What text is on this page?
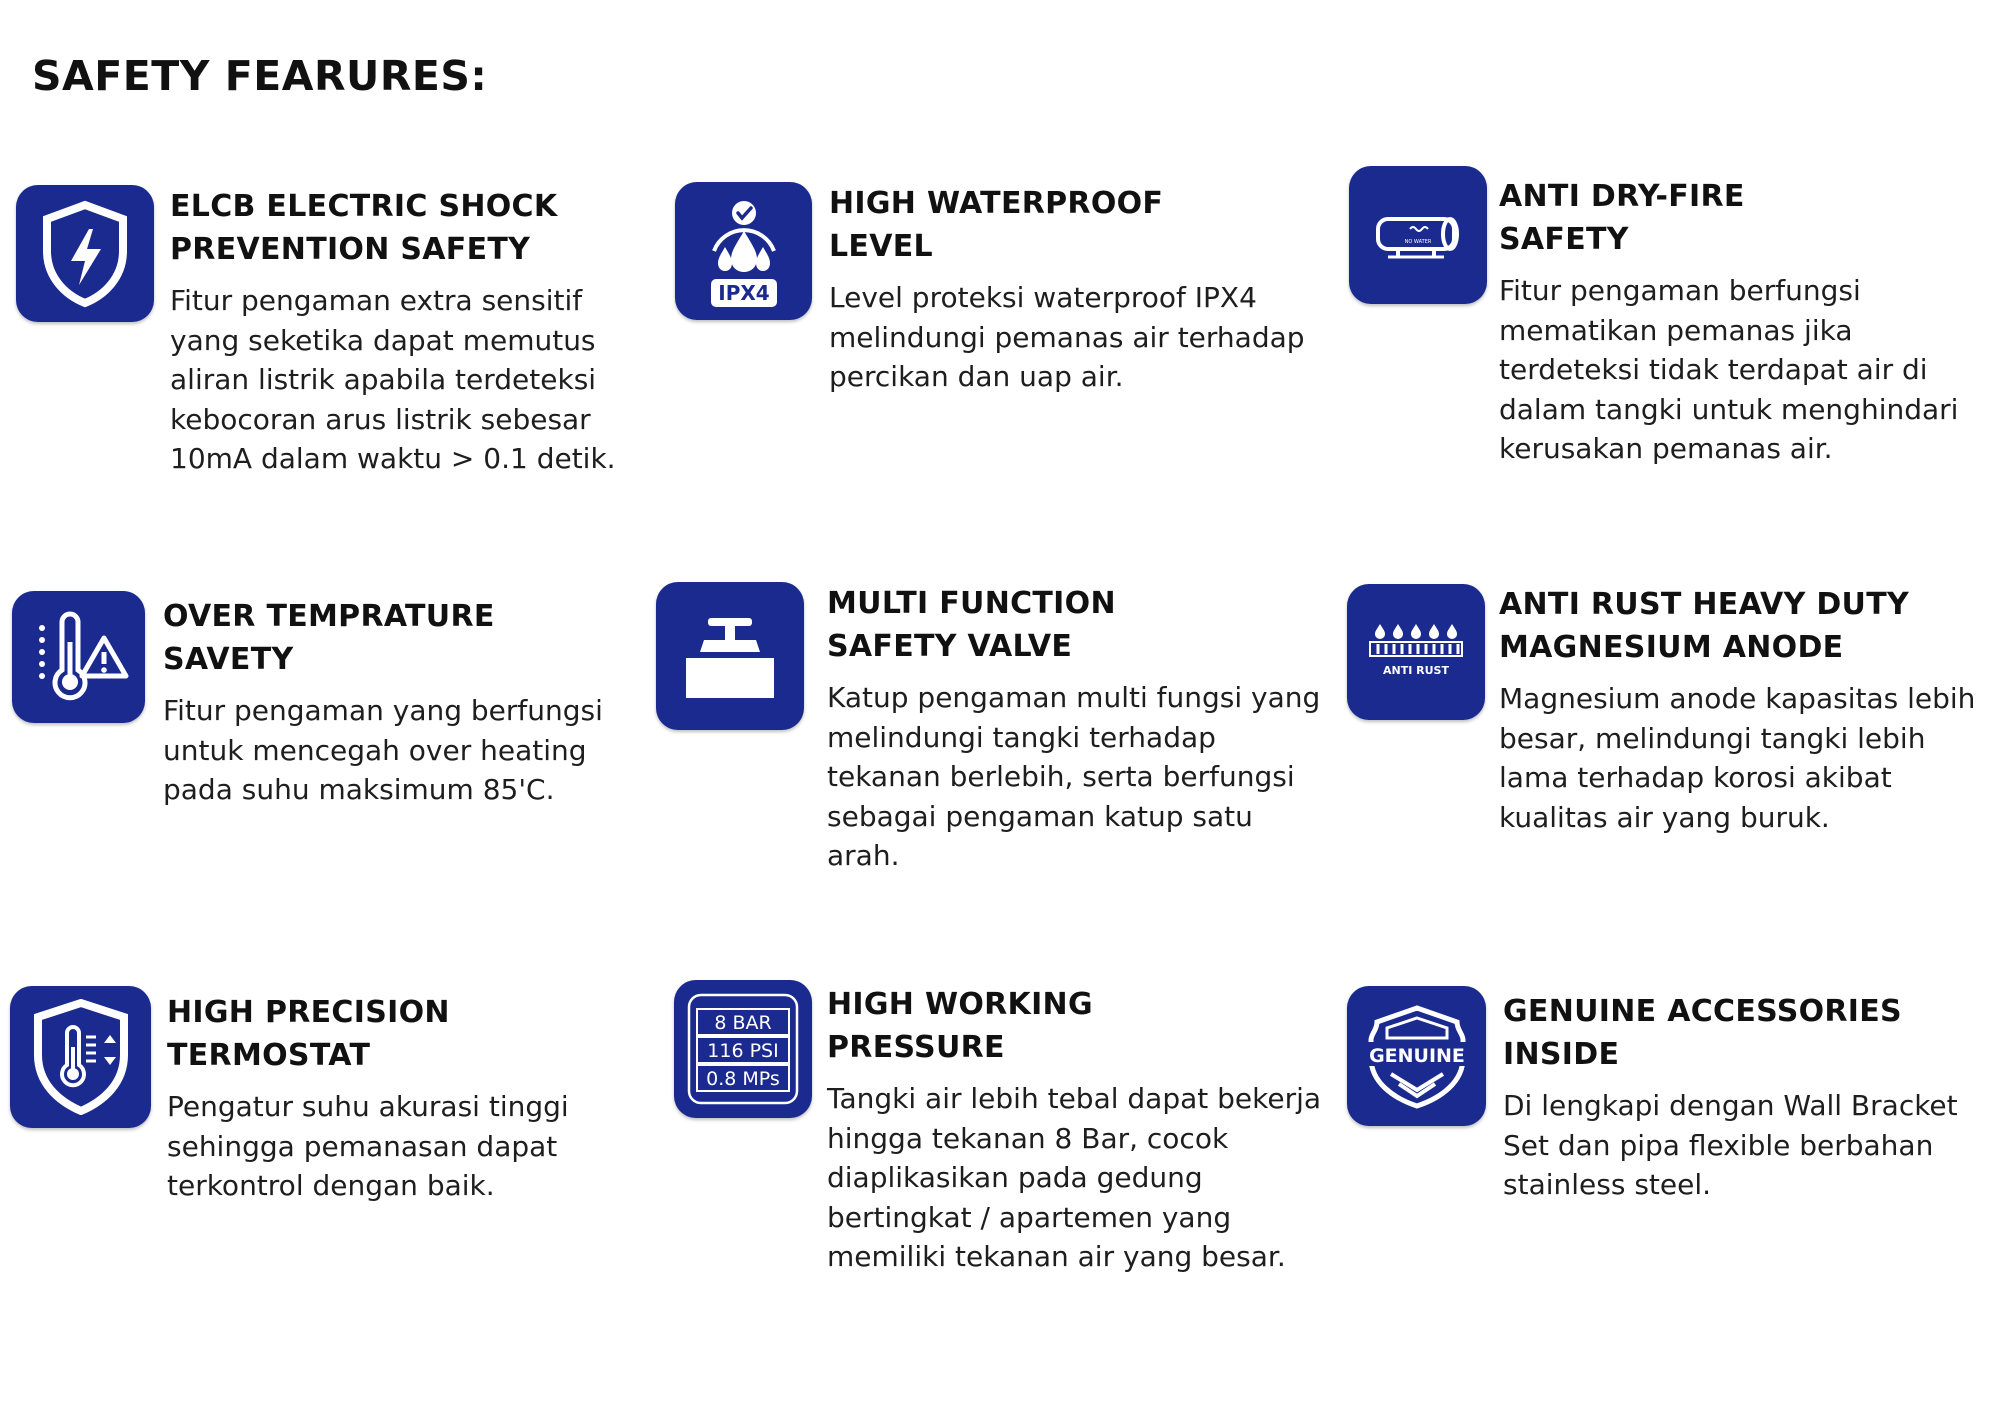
SAFETY FEARURES:
ELCB ELECTRIC SHOCK
PREVENTION SAFETY
Fitur pengaman extra sensitif yang seketika dapat memutus aliran listrik apabila terdeteksi kebocoran arus listrik sebesar 10mA dalam waktu > 0.1 detik.
IPX4
HIGH WATERPROOF
LEVEL
Level proteksi waterproof IPX4 melindungi pemanas air terhadap percikan dan uap air.
NO WATER
ANTI DRY-FIRE
SAFETY
Fitur pengaman berfungsi mematikan pemanas jika terdeteksi tidak terdapat air di dalam tangki untuk menghindari kerusakan pemanas air.
OVER TEMPRATURE
SAVETY
Fitur pengaman yang berfungsi untuk mencegah over heating pada suhu maksimum 85'C.
MULTI FUNCTION
SAFETY VALVE
Katup pengaman multi fungsi yang melindungi tangki terhadap tekanan berlebih, serta berfungsi sebagai pengaman katup satu arah.
ANTI RUST
ANTI RUST HEAVY DUTY
MAGNESIUM ANODE
Magnesium anode kapasitas lebih besar, melindungi tangki lebih lama terhadap korosi akibat kualitas air yang buruk.
HIGH PRECISION
TERMOSTAT
Pengatur suhu akurasi tinggi sehingga pemanasan dapat terkontrol dengan baik.
8 BAR
116 PSI
0.8 MPs
HIGH WORKING
PRESSURE
Tangki air lebih tebal dapat bekerja hingga tekanan 8 Bar, cocok diaplikasikan pada gedung bertingkat / apartemen yang memiliki tekanan air yang besar.
GENUINE
GENUINE ACCESSORIES
INSIDE
Di lengkapi dengan Wall Bracket Set dan pipa flexible berbahan stainless steel.
